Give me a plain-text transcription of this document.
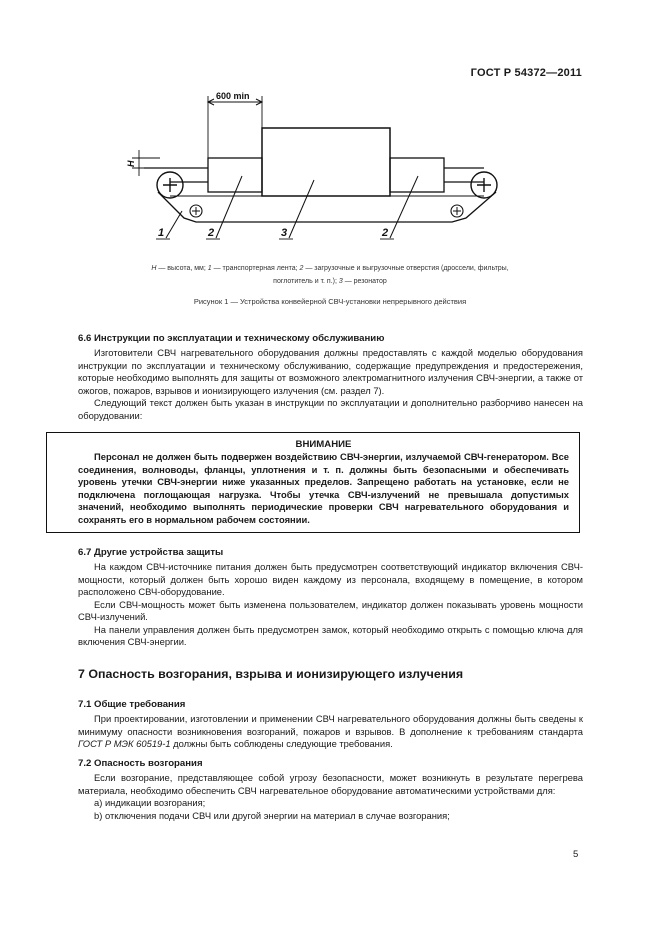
ГОСТ Р 54372—2011
600 min
H
1	2	3	2
H — высота, мм; 1 — транспортерная лента; 2 — загрузочные и выгрузочные отверстия (дроссели, фильтры,
поглотитель и т. п.); 3 — резонатор
Рисунок 1 — Устройства конвейерной СВЧ-установки непрерывного действия
6.6 Инструкции по эксплуатации и техническому обслуживанию

Изготовители СВЧ нагревательного оборудования должны предоставлять с каждой моделью оборудования инструкции по эксплуатации и техническому обслуживанию, содержащие предупреждения и предостережения, которые необходимо выполнять для защиты от возможного электромагнитного излучения СВЧ-энергии, а также от ожогов, пожаров, взрывов и ионизирующего излучения (см. раздел 7).

Следующий текст должен быть указан в инструкции по эксплуатации и дополнительно разборчиво нанесен на оборудовании:

ВНИМАНИЕ

Персонал не должен быть подвержен воздействию СВЧ-энергии, излучаемой СВЧ-генератором. Все соединения, волноводы, фланцы, уплотнения и т. п. должны быть безопасными и обеспечивать уровень утечки СВЧ-энергии ниже указанных пределов. Запрещено работать на установке, если не подключена поглощающая нагрузка. Чтобы утечка СВЧ-излучений не превышала допустимых значений, необходимо выполнять периодические проверки СВЧ нагревательного оборудования и сохранять его в нормальном рабочем состоянии.

6.7 Другие устройства защиты

На каждом СВЧ-источнике питания должен быть предусмотрен соответствующий индикатор включения СВЧ-мощности, который должен быть хорошо виден каждому из персонала, входящему в помещение, в котором расположено СВЧ-оборудование.

Если СВЧ-мощность может быть изменена пользователем, индикатор должен показывать уровень мощности СВЧ-излучений.

На панели управления должен быть предусмотрен замок, который необходимо открыть с помощью ключа для включения СВЧ-энергии.

7 Опасность возгорания, взрыва и ионизирующего излучения
7.1 Общие требования

При проектировании, изготовлении и применении СВЧ нагревательного оборудования должны быть сведены к минимуму опасности возникновения возгораний, пожаров и взрывов. В дополнение к требованиям стандарта ГОСТ Р МЭК 60519-1 должны быть соблюдены следующие требования.

7.2 Опасность возгорания

Если возгорание, представляющее собой угрозу безопасности, может возникнуть в результате перегрева материала, необходимо обеспечить СВЧ нагревательное оборудование автоматическими устройствами для:

a) индикации возгорания;

b) отключения подачи СВЧ или другой энергии на материал в случае возгорания;

5
